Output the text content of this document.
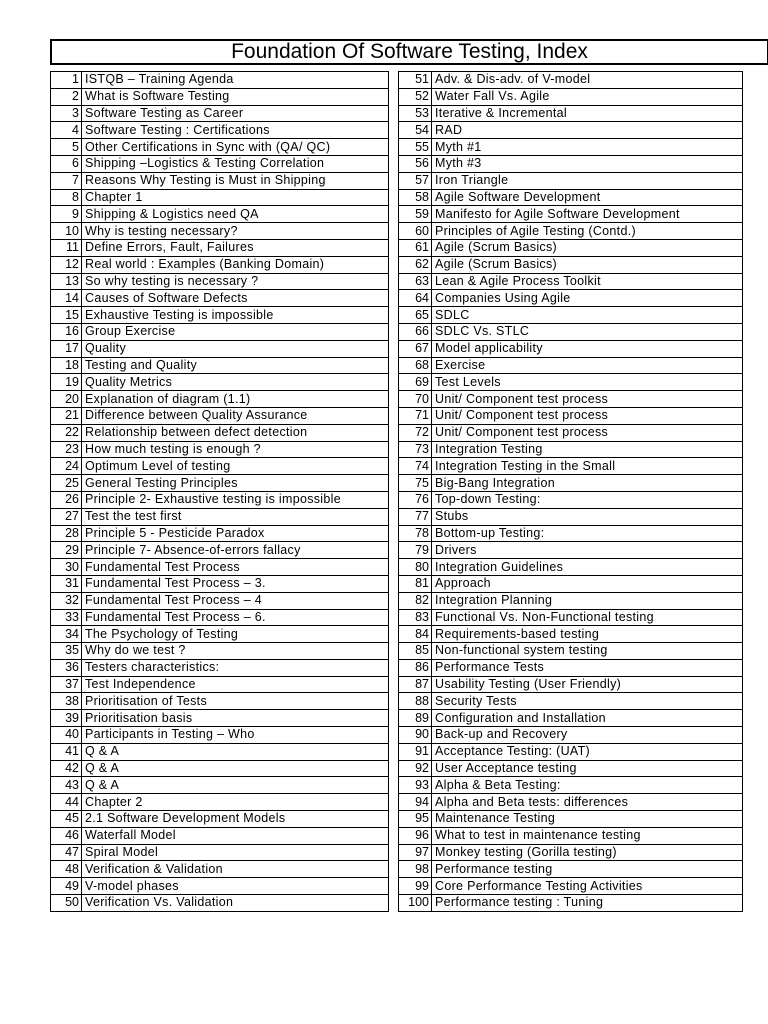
Foundation Of Software Testing, Index
1	ISTQB – Training Agenda
2	What is Software Testing
3	Software Testing as Career
4	Software Testing : Certifications
5	Other Certifications in Sync with (QA/ QC)
6	Shipping –Logistics & Testing Correlation
7	Reasons Why Testing is Must in Shipping
8	Chapter 1
9	Shipping & Logistics need QA
10	Why is testing necessary?
11	Define Errors, Fault, Failures
12	Real world : Examples (Banking Domain)
13	So why testing is necessary ?
14	Causes of Software Defects
15	Exhaustive Testing is impossible
16	Group Exercise
17	Quality
18	Testing and Quality
19	Quality Metrics
20	Explanation of diagram (1.1)
21	Difference between Quality Assurance
22	Relationship between defect detection
23	How much testing is enough ?
24	Optimum Level of testing
25	General Testing Principles
26	Principle 2- Exhaustive testing is impossible
27	Test the test first
28	Principle 5 - Pesticide Paradox
29	Principle 7- Absence-of-errors fallacy
30	Fundamental Test Process
31	Fundamental Test Process – 3.
32	Fundamental Test Process – 4
33	Fundamental Test Process – 6.
34	The Psychology of Testing
35	Why do we test ?
36	Testers characteristics:
37	Test Independence
38	Prioritisation of Tests
39	Prioritisation basis
40	Participants in Testing – Who
41	Q & A
42	Q & A
43	Q & A
44	Chapter 2
45	2.1 Software Development Models
46	Waterfall Model
47	Spiral Model
48	Verification & Validation
49	V-model phases
50	Verification Vs. Validation
51	Adv. & Dis-adv. of V-model
52	Water Fall Vs. Agile
53	Iterative & Incremental
54	RAD
55	Myth #1
56	Myth #3
57	Iron Triangle
58	Agile Software Development
59	Manifesto for Agile Software Development
60	Principles of Agile Testing (Contd.)
61	Agile (Scrum Basics)
62	Agile (Scrum Basics)
63	Lean & Agile Process Toolkit
64	Companies Using Agile
65	SDLC
66	SDLC Vs. STLC
67	Model applicability
68	Exercise
69	Test Levels
70	Unit/ Component test process
71	Unit/ Component test process
72	Unit/ Component test process
73	Integration Testing
74	Integration Testing in the Small
75	Big-Bang Integration
76	Top-down Testing:
77	Stubs
78	Bottom-up Testing:
79	Drivers
80	Integration Guidelines
81	Approach
82	Integration Planning
83	Functional Vs. Non-Functional testing
84	Requirements-based testing
85	Non-functional system testing
86	Performance Tests
87	Usability Testing (User Friendly)
88	Security Tests
89	Configuration and Installation
90	Back-up and Recovery
91	Acceptance Testing: (UAT)
92	User Acceptance testing
93	Alpha & Beta Testing:
94	Alpha and Beta tests: differences
95	Maintenance Testing
96	What to test in maintenance testing
97	Monkey testing (Gorilla testing)
98	Performance testing
99	Core Performance Testing Activities
100	Performance testing : Tuning
